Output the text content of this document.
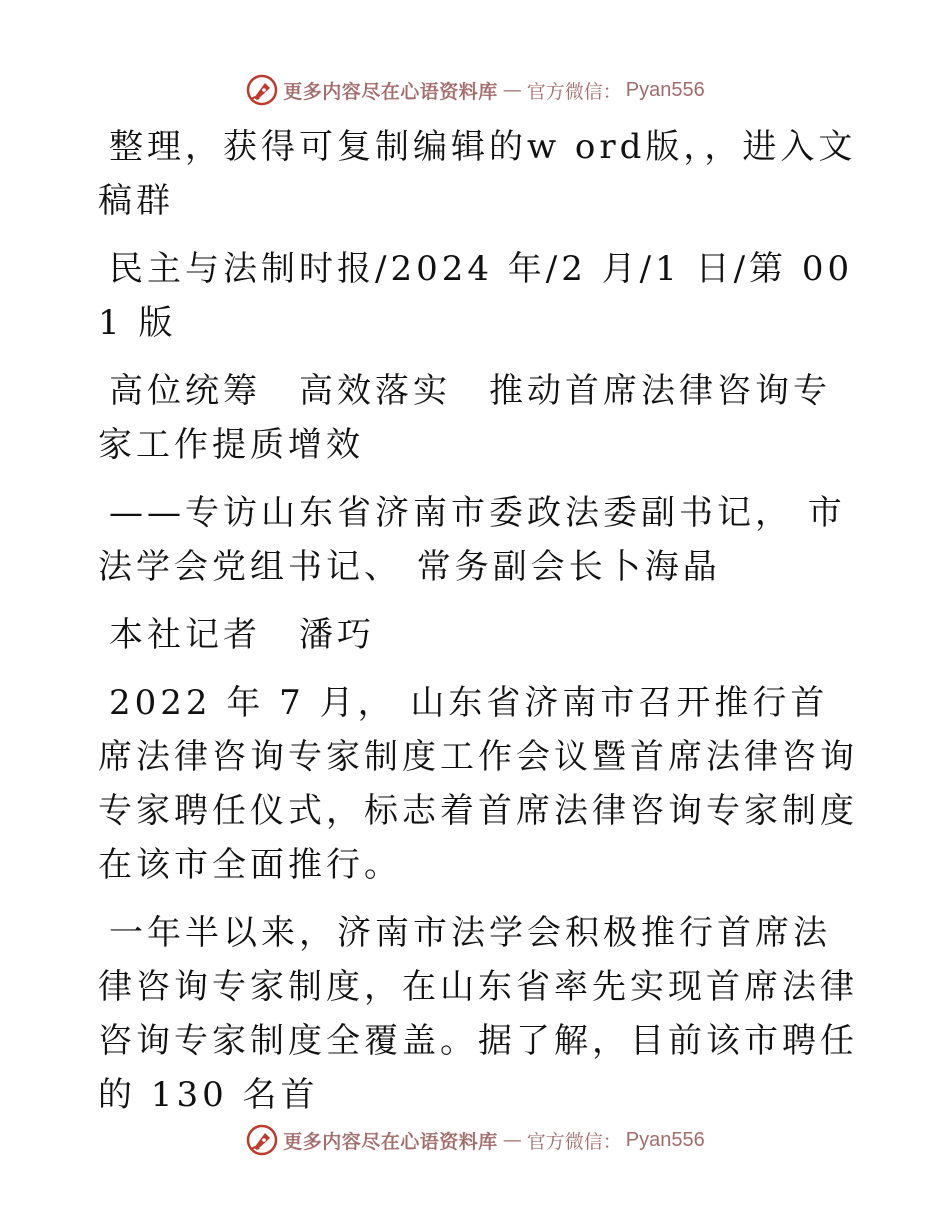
更多内容尽在心语资料库 — 官方微信： Pyan556

整理，获得可复制编辑的w ord版，，进入文稿群

民主与法制时报/2024 年/2 月/1 日/第 001 版

高位统筹　高效落实　推动首席法律咨询专家工作提质增效

——专访山东省济南市委政法委副书记， 市法学会党组书记、 常务副会长卜海晶

本社记者　潘巧

2022 年 7 月， 山东省济南市召开推行首席法律咨询专家制度工作会议暨首席法律咨询专家聘任仪式，标志着首席法律咨询专家制度在该市全面推行。

一年半以来，济南市法学会积极推行首席法律咨询专家制度，在山东省率先实现首席法律咨询专家制度全覆盖。据了解，目前该市聘任的 130 名首

更多内容尽在心语资料库 — 官方微信： Pyan556
